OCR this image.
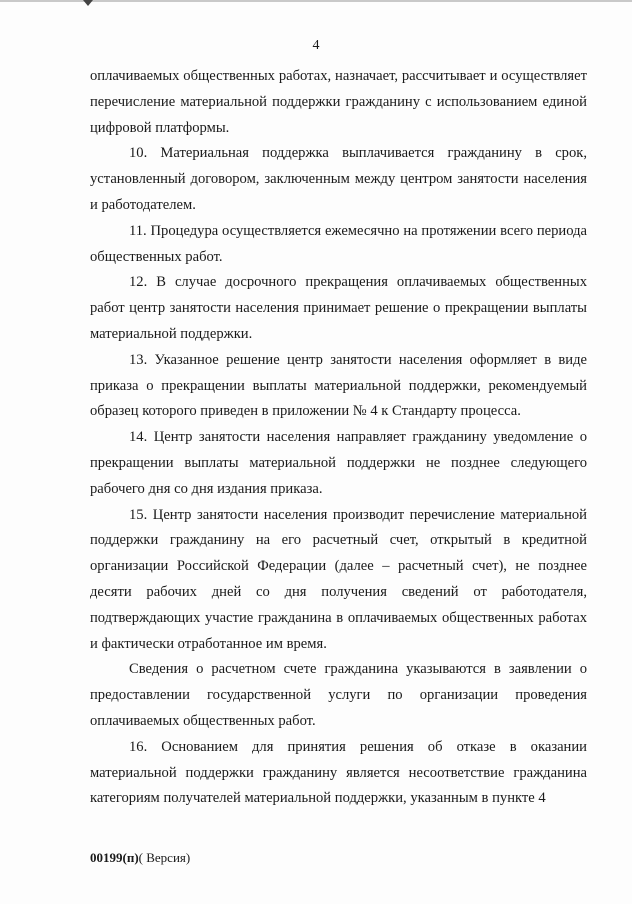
4

оплачиваемых общественных работах, назначает, рассчитывает и осуществляет перечисление материальной поддержки гражданину с использованием единой цифровой платформы.

10. Материальная поддержка выплачивается гражданину в срок, установленный договором, заключенным между центром занятости населения и работодателем.

11. Процедура осуществляется ежемесячно на протяжении всего периода общественных работ.

12. В случае досрочного прекращения оплачиваемых общественных работ центр занятости населения принимает решение о прекращении выплаты материальной поддержки.

13. Указанное решение центр занятости населения оформляет в виде приказа о прекращении выплаты материальной поддержки, рекомендуемый образец которого приведен в приложении № 4 к Стандарту процесса.

14. Центр занятости населения направляет гражданину уведомление о прекращении выплаты материальной поддержки не позднее следующего рабочего дня со дня издания приказа.

15. Центр занятости населения производит перечисление материальной поддержки гражданину на его расчетный счет, открытый в кредитной организации Российской Федерации (далее – расчетный счет), не позднее десяти рабочих дней со дня получения сведений от работодателя, подтверждающих участие гражданина в оплачиваемых общественных работах и фактически отработанное им время.

Сведения о расчетном счете гражданина указываются в заявлении о предоставлении государственной услуги по организации проведения оплачиваемых общественных работ.

16. Основанием для принятия решения об отказе в оказании материальной поддержки гражданину является несоответствие гражданина категориям получателей материальной поддержки, указанным в пункте 4

00199(п)( Версия)
